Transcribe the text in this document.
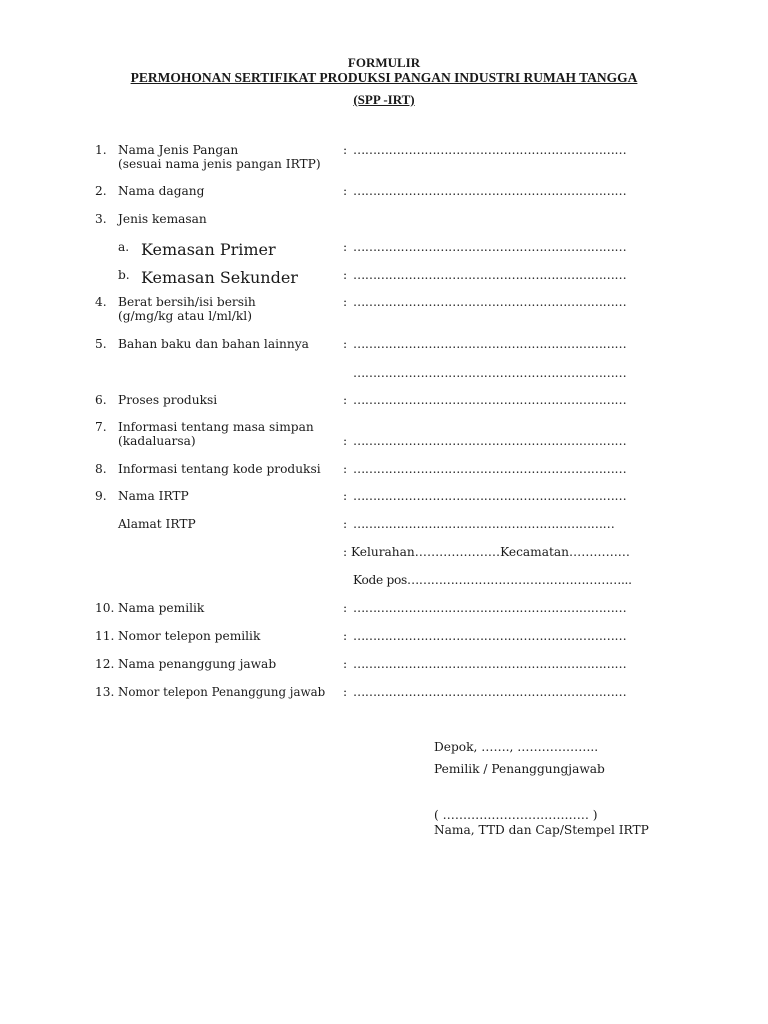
FORMULIR
PERMOHONAN SERTIFIKAT PRODUKSI PANGAN INDUSTRI RUMAH TANGGA
(SPP -IRT)
1. Nama Jenis Pangan
(sesuai nama jenis pangan IRTP)
: ……………………………………………………………
2. Nama dagang	: ……………………………………………………………
3. Jenis kemasan
a. Kemasan Primer	: ……………………………………………………………
b. Kemasan Sekunder	: ……………………………………………………………
4. Berat bersih/isi bersih
(g/mg/kg atau l/ml/kl)
: ……………………………………………………………
5. Bahan baku dan bahan lainnya	: ……………………………………………………………
……………………………………………………………
6. Proses produksi	: ……………………………………………………………
7. Informasi tentang masa simpan
(kadaluarsa)	: ……………………………………………………………
8. Informasi tentang kode produksi : ……………………………………………………………
9. Nama IRTP	: ……………………………………………………………
Alamat IRTP	: …………………………………………………………
: Kelurahan…………………Kecamatan……………
Kode pos………………………………………………...
10. Nama pemilik	: ……………………………………………………………
11. Nomor telepon pemilik	: ……………………………………………………………
12. Nama penanggung jawab	: ……………………………………………………………
13. Nomor telepon Penanggung jawab : ……………………………………………………………
Depok, ……., ………………..
Pemilik / Penanggungjawab
( ……………………………… )
Nama, TTD dan Cap/Stempel IRTP
